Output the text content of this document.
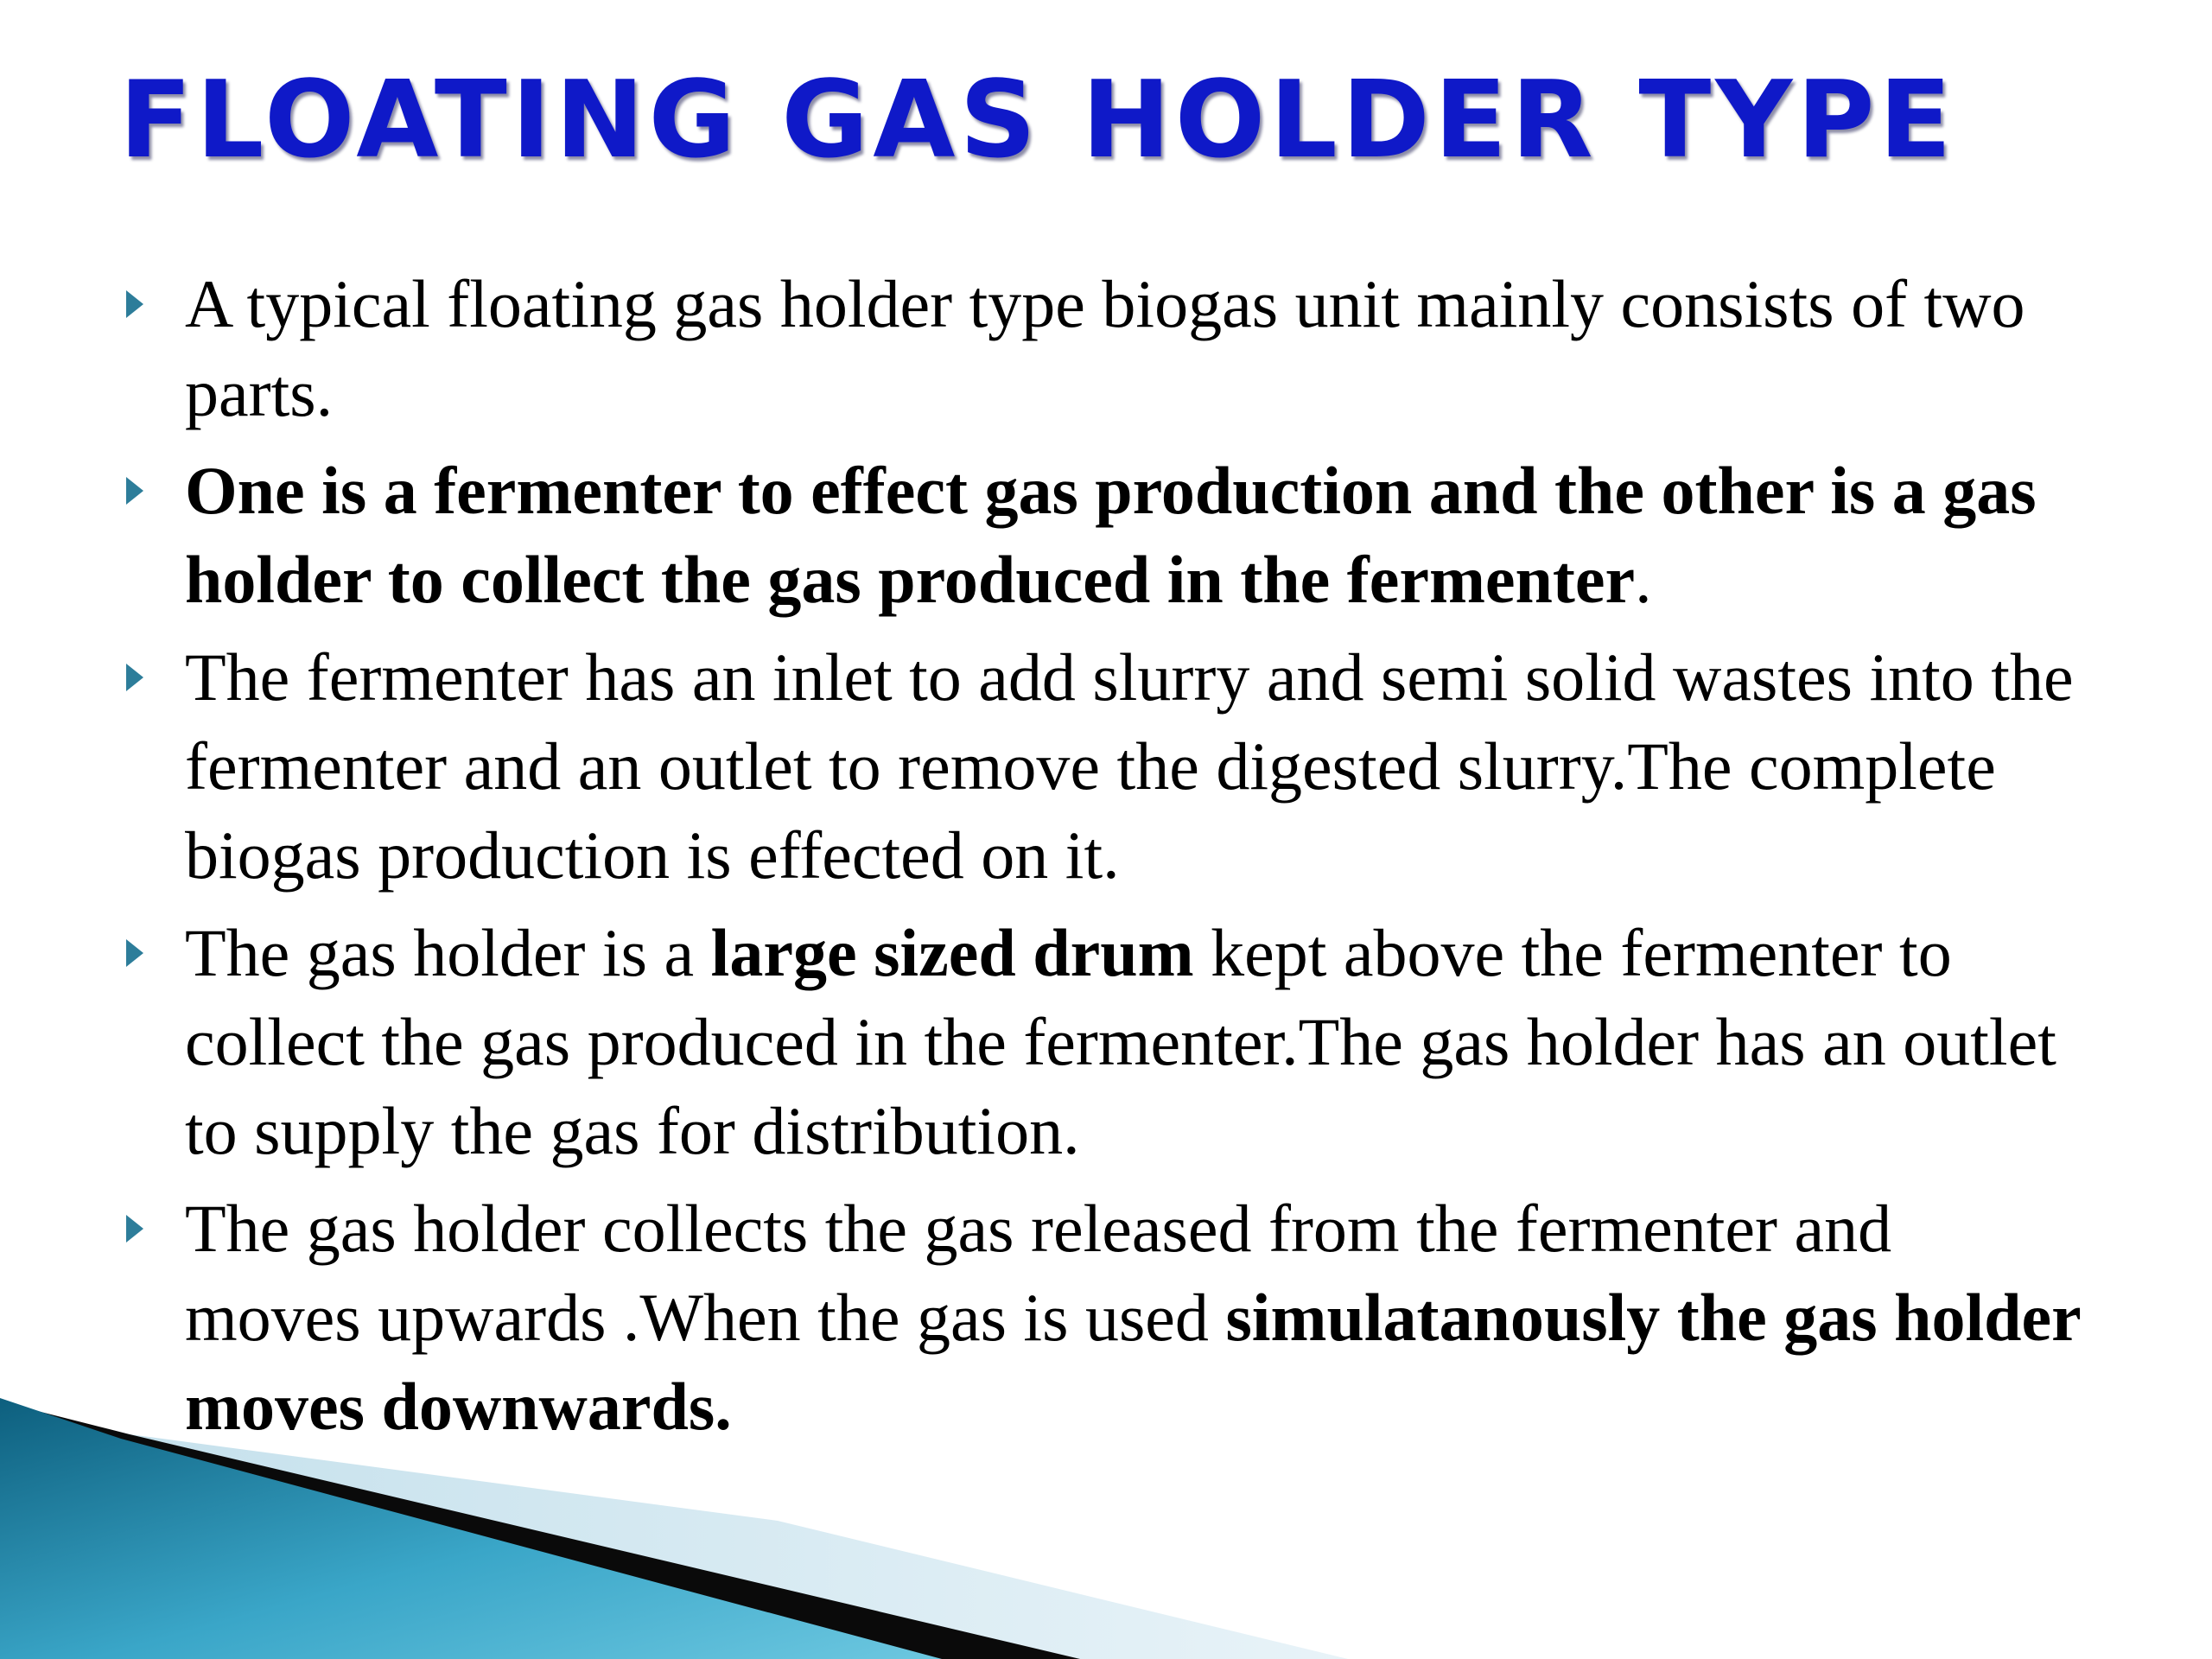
FLOATING GAS HOLDER TYPE
A typical floating gas holder type biogas unit mainly consists of two parts.
One is a fermenter to effect gas production and the other is a gas holder to collect the gas produced in the fermenter.
The fermenter has an inlet to add slurry and semi solid wastes into the fermenter and an outlet to remove the digested slurry.The complete biogas production is effected on it.
The gas holder is a large sized drum kept above the fermenter to collect the gas produced in the fermenter.The gas holder has an outlet to supply the gas for distribution.
The gas holder collects the gas released from the fermenter and moves upwards .When the gas is used simulatanously the gas holder moves downwards.
